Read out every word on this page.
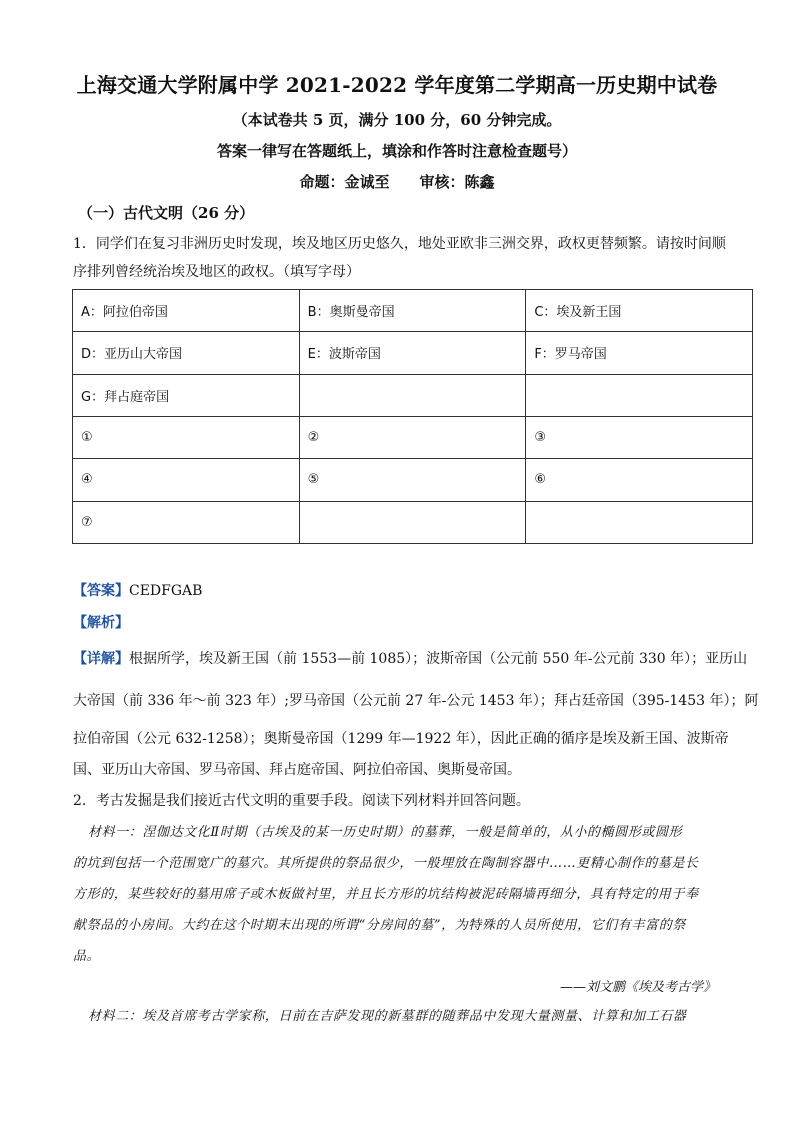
上海交通大学附属中学 2021-2022 学年度第二学期高一历史期中试卷
（本试卷共 5 页，满分 100 分，60 分钟完成。
答案一律写在答题纸上，填涂和作答时注意检查题号）
命题：金诚至　　审核：陈鑫
（一）古代文明（26 分）
1．同学们在复习非洲历史时发现，埃及地区历史悠久，地处亚欧非三洲交界，政权更替频繁。请按时间顺
序排列曾经统治埃及地区的政权。（填写字母）
A：阿拉伯帝国	B：奥斯曼帝国	C：埃及新王国
D：亚历山大帝国	E：波斯帝国	F：罗马帝国
G：拜占庭帝国		
①	②	③
④	⑤	⑥
⑦		
【答案】CEDFGAB
【解析】
【详解】根据所学，埃及新王国（前 1553—前 1085）；波斯帝国（公元前 550 年-公元前 330 年）；亚历山
大帝国（前 336 年～前 323 年）;罗马帝国（公元前 27 年-公元 1453 年）；拜占廷帝国（395-1453 年）；阿
拉伯帝国（公元 632-1258）；奥斯曼帝国（1299 年—1922 年），因此正确的循序是埃及新王国、波斯帝
国、亚历山大帝国、罗马帝国、拜占庭帝国、阿拉伯帝国、奥斯曼帝国。
2．考古发掘是我们接近古代文明的重要手段。阅读下列材料并回答问题。
材料一：涅伽达文化Ⅱ时期（古埃及的某一历史时期）的墓葬，一般是简单的，从小的椭圆形或圆形
的坑到包括一个范围宽广的墓穴。其所提供的祭品很少，一般埋放在陶制容器中……更精心制作的墓是长
方形的，某些较好的墓用席子或木板做衬里，并且长方形的坑结构被泥砖隔墙再细分，具有特定的用于奉
献祭品的小房间。大约在这个时期末出现的所谓“分房间的墓”，为特殊的人员所使用，它们有丰富的祭
品。
——刘文鹏《埃及考古学》
材料二：埃及首席考古学家称，日前在吉萨发现的新墓群的随葬品中发现大量测量、计算和加工石器
